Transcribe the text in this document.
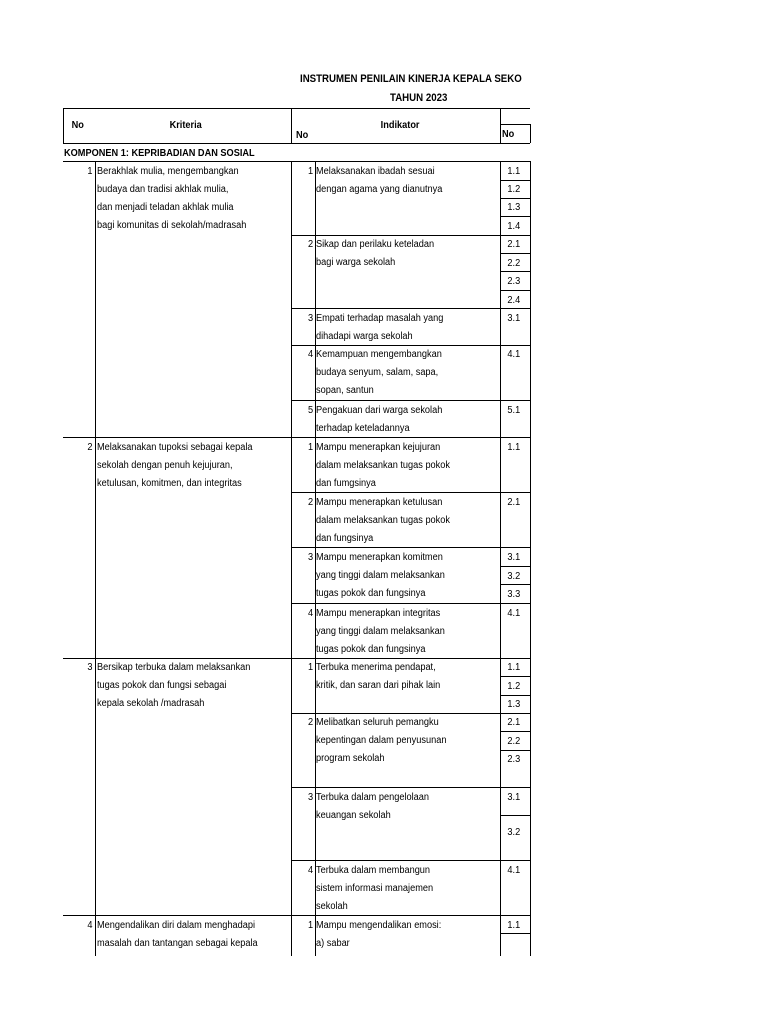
INSTRUMEN PENILAIN KINERJA KEPALA SEKO
TAHUN 2023
No	Kriteria
No
Indikator
No
KOMPONEN 1: KEPRIBADIAN DAN SOSIAL
1 Berakhlak mulia, mengembangkan
budaya dan tradisi akhlak mulia,
dan menjadi teladan akhlak mulia
bagi komunitas di sekolah/madrasah
2 Melaksanakan tupoksi sebagai kepala
sekolah dengan penuh kejujuran,
ketulusan, komitmen, dan integritas
3 Bersikap terbuka dalam melaksankan
tugas pokok dan fungsi sebagai
kepala sekolah /madrasah
4 Mengendalikan diri dalam menghadapi
masalah dan tantangan sebagai kepala
1 Melaksanakan ibadah sesuai
dengan agama yang dianutnya
2 Sikap dan perilaku keteladan
bagi warga sekolah
3 Empati terhadap masalah yang
dihadapi warga sekolah
4 Kemampuan mengembangkan
budaya senyum, salam, sapa,
sopan, santun
5 Pengakuan dari warga sekolah
terhadap keteladannya
1 Mampu menerapkan kejujuran
dalam melaksankan tugas pokok
dan fumgsinya
2 Mampu menerapkan ketulusan
dalam melaksankan tugas pokok
dan fungsinya
3 Mampu menerapkan komitmen
yang tinggi dalam melaksankan
tugas pokok dan fungsinya
4 Mampu menerapkan integritas
yang tinggi dalam melaksankan
tugas pokok dan fungsinya
1 Terbuka menerima pendapat,
kritik, dan saran dari pihak lain
2 Melibatkan seluruh pemangku
kepentingan dalam penyusunan
program sekolah
3 Terbuka dalam pengelolaan
keuangan sekolah
4 Terbuka dalam membangun
sistem informasi manajemen
sekolah
1 Mampu mengendalikan emosi:
a) sabar
1.1
1.2
1.3
1.4
2.1
2.2
2.3
2.4
3.1
4.1
5.1
1.1
2.1
3.1
3.2
3.3
4.1
1.1
1.2
1.3
2.1
2.2
2.3
3.1
3.2
4.1
1.1
